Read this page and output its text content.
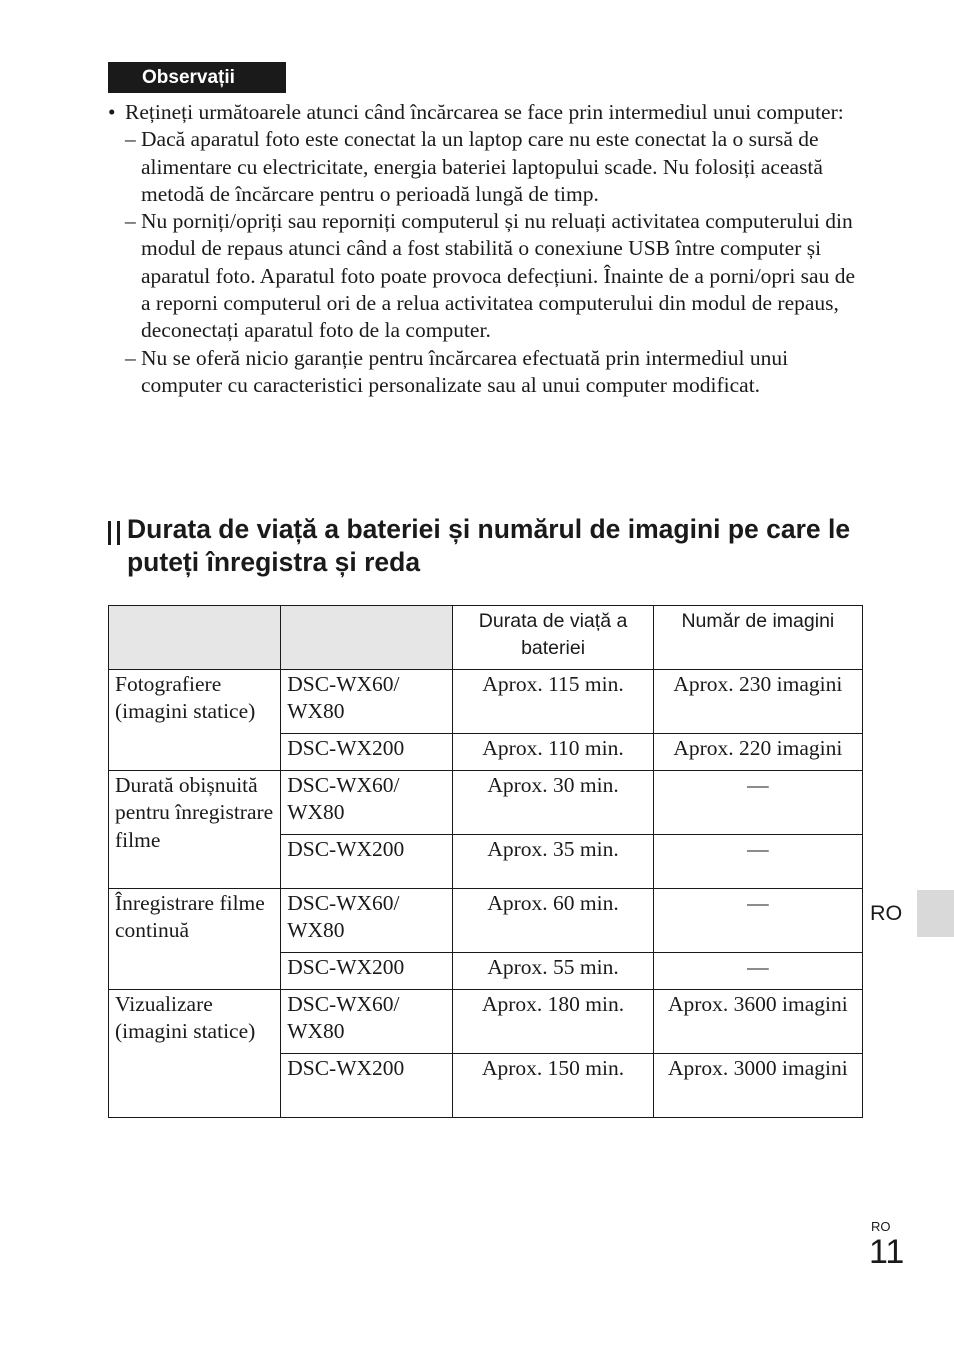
Observații
• Rețineți următoarele atunci când încărcarea se face prin intermediul unui computer:
– Dacă aparatul foto este conectat la un laptop care nu este conectat la o sursă de alimentare cu electricitate, energia bateriei laptopului scade. Nu folosiți această metodă de încărcare pentru o perioadă lungă de timp.
– Nu porniți/opriți sau reporniți computerul și nu reluați activitatea computerului din modul de repaus atunci când a fost stabilită o conexiune USB între computer și aparatul foto. Aparatul foto poate provoca defecțiuni. Înainte de a porni/opri sau de a reporni computerul ori de a relua activitatea computerului din modul de repaus, deconectați aparatul foto de la computer.
– Nu se oferă nicio garanție pentru încărcarea efectuată prin intermediul unui computer cu caracteristici personalizate sau al unui computer modificat.
Durata de viață a bateriei și numărul de imagini pe care le puteți înregistra și reda
		Durata de viață a bateriei	Număr de imagini
Fotografiere (imagini statice)	DSC-WX60/ WX80	Aprox. 115 min.	Aprox. 230 imagini
	DSC-WX200	Aprox. 110 min.	Aprox. 220 imagini
Durată obișnuită pentru înregistrare filme	DSC-WX60/ WX80	Aprox. 30 min.	—
	DSC-WX200	Aprox. 35 min.	—
Înregistrare filme continuă	DSC-WX60/ WX80	Aprox. 60 min.	—
	DSC-WX200	Aprox. 55 min.	—
Vizualizare (imagini statice)	DSC-WX60/ WX80	Aprox. 180 min.	Aprox. 3600 imagini
	DSC-WX200	Aprox. 150 min.	Aprox. 3000 imagini
RO
RO
11
